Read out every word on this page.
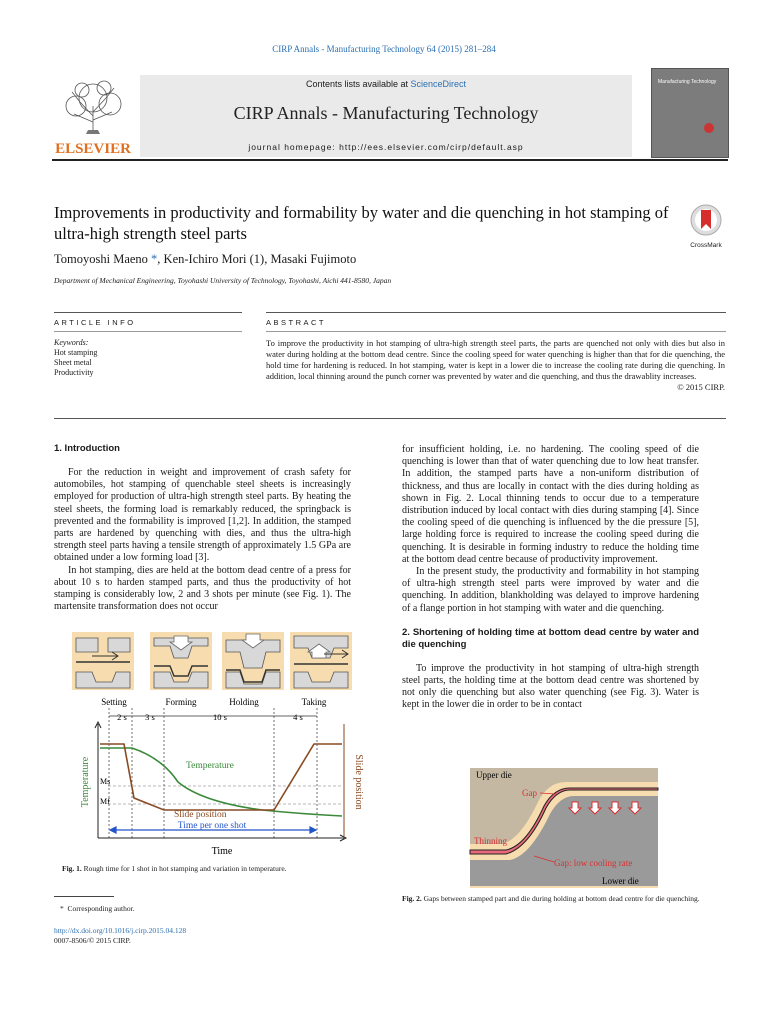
CIRP Annals - Manufacturing Technology 64 (2015) 281–284
ELSEVIER
Contents lists available at ScienceDirect
CIRP Annals - Manufacturing Technology
journal homepage: http://ees.elsevier.com/cirp/default.asp
Manufacturing Technology
Improvements in productivity and formability by water and die quenching in hot stamping of ultra-high strength steel parts
CrossMark
Tomoyoshi Maeno *, Ken-Ichiro Mori (1), Masaki Fujimoto
Department of Mechanical Engineering, Toyohashi University of Technology, Toyohashi, Aichi 441-8580, Japan
ARTICLE INFO	ABSTRACT
Keywords:
Hot stamping
Sheet metal
Productivity
To improve the productivity in hot stamping of ultra-high strength steel parts, the parts are quenched not only with dies but also in water during holding at the bottom dead centre. Since the cooling speed for water quenching is higher than that for die quenching, the hold time for hardening is reduced. In hot stamping, water is kept in a lower die to increase the cooling rate during die quenching. In addition, local thinning around the punch corner was prevented by water and die quenching, and thus the drawablity increases.
© 2015 CIRP.
1. Introduction

For the reduction in weight and improvement of crash safety for automobiles, hot stamping of quenchable steel sheets is increasingly employed for production of ultra-high strength steel parts. By heating the steel sheets, the forming load is remarkably reduced, the springback is prevented and the formability is improved [1,2]. In addition, the stamped parts are hardened by quenching with dies, and thus the ultra-high strength steel parts having a tensile strength of approximately 1.5 GPa are obtained under a low forming load [3].

In hot stamping, dies are held at the bottom dead centre of a press for about 10 s to harden stamped parts, and thus the productivity of hot stamping is considerably low, 2 and 3 shots per minute (see Fig. 1). The martensite transformation does not occur

Setting	Forming	Holding	Taking
2 s 3 s	10 s	4 s
Temperature	Slide position
Ms
Mf
Temperature
Slide position
Time per one shot
Time
Fig. 1. Rough time for 1 shot in hot stamping and variation in temperature.
* Corresponding author.
http://dx.doi.org/10.1016/j.cirp.2015.04.128
0007-8506/© 2015 CIRP.

for insufficient holding, i.e. no hardening. The cooling speed of die quenching is lower than that of water quenching due to low heat transfer. In addition, the stamped parts have a non-uniform distribution of thickness, and thus are locally in contact with the dies during holding as shown in Fig. 2. Local thinning tends to occur due to a temperature distribution induced by local contact with dies during stamping [4]. Since the cooling speed of die quenching is influenced by the die pressure [5], large holding force is required to increase the cooling speed during die quenching. It is desirable in forming industry to reduce the holding time at the bottom dead centre because of productivity improvement.

In the present study, the productivity and formability in hot stamping of ultra-high strength steel parts were improved by water and die quenching. In addition, blankholding was delayed to improve hardening of a flange portion in hot stamping with water and die quenching.

2. Shortening of holding time at bottom dead centre by water and die quenching

To improve the productivity in hot stamping of ultra-high strength steel parts, the holding time at the bottom dead centre was shortened by not only die quenching but also water quenching (see Fig. 3). Water is kept in the lower die in order to be in contact

Upper die
Gap
Thinning
Gap: low cooling rate
Lower die
Fig. 2. Gaps between stamped part and die during holding at bottom dead centre for die quenching.
